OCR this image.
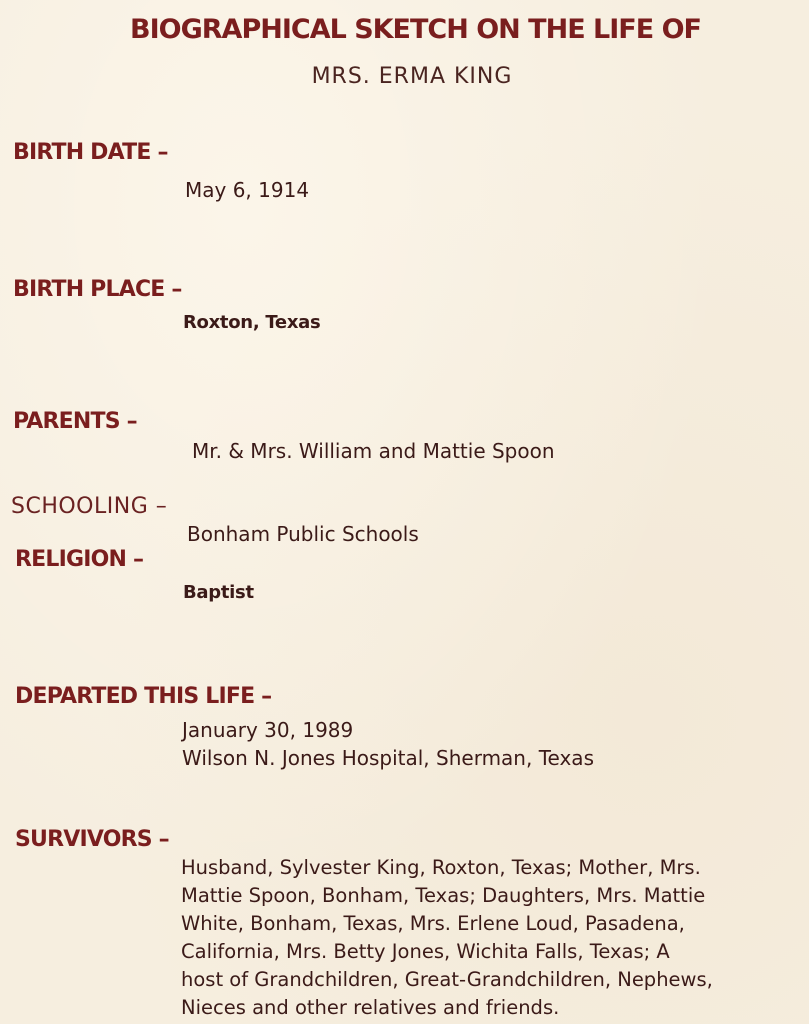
BIOGRAPHICAL SKETCH ON THE LIFE OF
MRS. ERMA KING
BIRTH DATE –
May 6, 1914
BIRTH PLACE –
Roxton, Texas
PARENTS –
Mr. & Mrs. William and Mattie Spoon
SCHOOLING –
Bonham Public Schools
RELIGION –
Baptist
DEPARTED THIS LIFE –
January 30, 1989
Wilson N. Jones Hospital, Sherman, Texas
SURVIVORS –
Husband, Sylvester King, Roxton, Texas; Mother, Mrs.
Mattie Spoon, Bonham, Texas; Daughters, Mrs. Mattie
White, Bonham, Texas, Mrs. Erlene Loud, Pasadena,
California, Mrs. Betty Jones, Wichita Falls, Texas; A
host of Grandchildren, Great-Grandchildren, Nephews,
Nieces and other relatives and friends.
